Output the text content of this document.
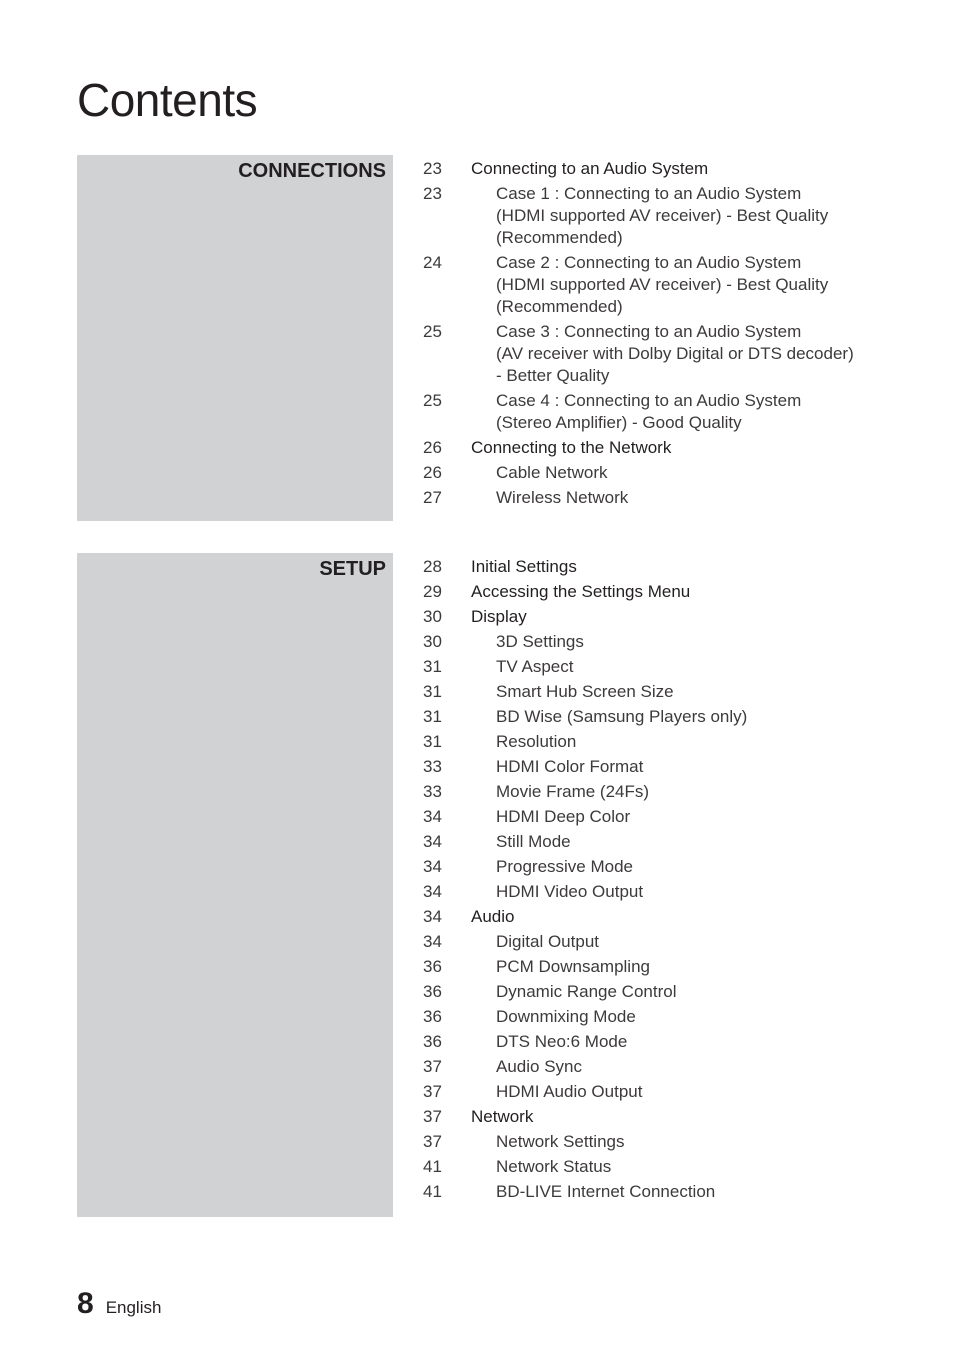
Contents
CONNECTIONS 23	Connecting to an Audio System
23	Case 1 : Connecting to an Audio System
(HDMI supported AV receiver) - Best Quality
(Recommended)
24	Case 2 : Connecting to an Audio System
(HDMI supported AV receiver) - Best Quality
(Recommended)
25	Case 3 : Connecting to an Audio System
(AV receiver with Dolby Digital or DTS decoder)
- Better Quality
25	Case 4 : Connecting to an Audio System
(Stereo Amplifier) - Good Quality
26	Connecting to the Network
26	Cable Network
27	Wireless Network
SETUP 28	Initial Settings
29	Accessing the Settings Menu
30	Display
30	3D Settings
31	TV Aspect
31	Smart Hub Screen Size
31	BD Wise (Samsung Players only)
31	Resolution
33	HDMI Color Format
33	Movie Frame (24Fs)
34	HDMI Deep Color
34	Still Mode
34	Progressive Mode
34	HDMI Video Output
34	Audio
34	Digital Output
36	PCM Downsampling
36	Dynamic Range Control
36	Downmixing Mode
36	DTS Neo:6 Mode
37	Audio Sync
37	HDMI Audio Output
37	Network
37	Network Settings
41	Network Status
41	BD-LIVE Internet Connection
8 English
